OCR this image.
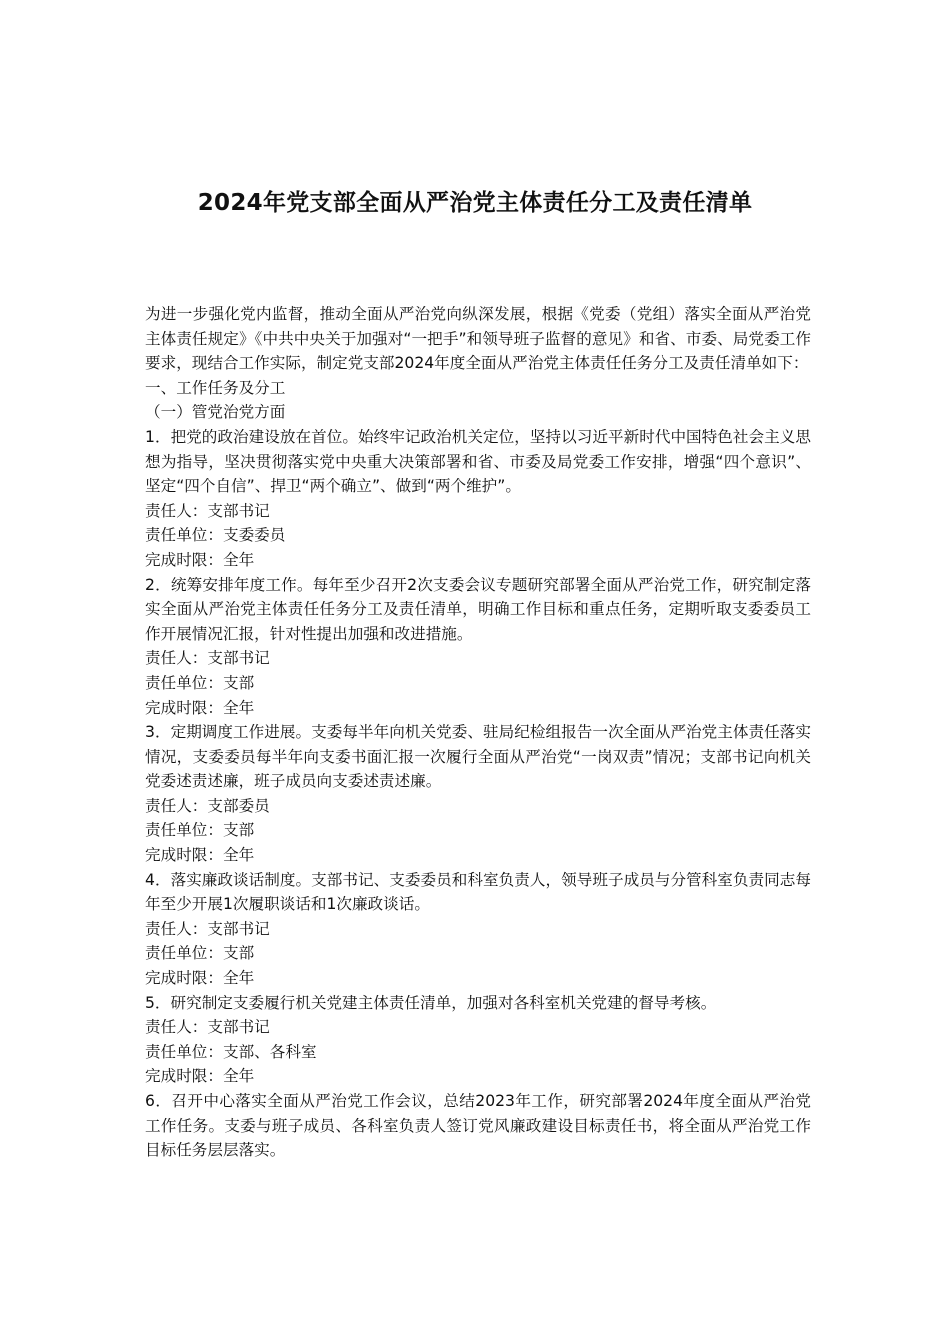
2024年党支部全面从严治党主体责任分工及责任清单

为进一步强化党内监督，推动全面从严治党向纵深发展，根据《党委（党组）落实全面从严治党主体责任规定》《中共中央关于加强对“一把手”和领导班子监督的意见》和省、市委、局党委工作要求，现结合工作实际，制定党支部2024年度全面从严治党主体责任任务分工及责任清单如下：

一、工作任务及分工

（一）管党治党方面

1．把党的政治建设放在首位。始终牢记政治机关定位，坚持以习近平新时代中国特色社会主义思想为指导，坚决贯彻落实党中央重大决策部署和省、市委及局党委工作安排，增强“四个意识”、坚定“四个自信”、捍卫“两个确立”、做到“两个维护”。

责任人：支部书记

责任单位：支委委员

完成时限：全年

2．统筹安排年度工作。每年至少召开2次支委会议专题研究部署全面从严治党工作，研究制定落实全面从严治党主体责任任务分工及责任清单，明确工作目标和重点任务，定期听取支委委员工作开展情况汇报，针对性提出加强和改进措施。

责任人：支部书记

责任单位：支部

完成时限：全年

3．定期调度工作进展。支委每半年向机关党委、驻局纪检组报告一次全面从严治党主体责任落实情况，支委委员每半年向支委书面汇报一次履行全面从严治党“一岗双责”情况；支部书记向机关党委述责述廉，班子成员向支委述责述廉。

责任人：支部委员

责任单位：支部

完成时限：全年

4．落实廉政谈话制度。支部书记、支委委员和科室负责人，领导班子成员与分管科室负责同志每年至少开展1次履职谈话和1次廉政谈话。

责任人：支部书记

责任单位：支部

完成时限：全年

5．研究制定支委履行机关党建主体责任清单，加强对各科室机关党建的督导考核。

责任人：支部书记

责任单位：支部、各科室

完成时限：全年

6．召开中心落实全面从严治党工作会议，总结2023年工作，研究部署2024年度全面从严治党工作任务。支委与班子成员、各科室负责人签订党风廉政建设目标责任书，将全面从严治党工作目标任务层层落实。
